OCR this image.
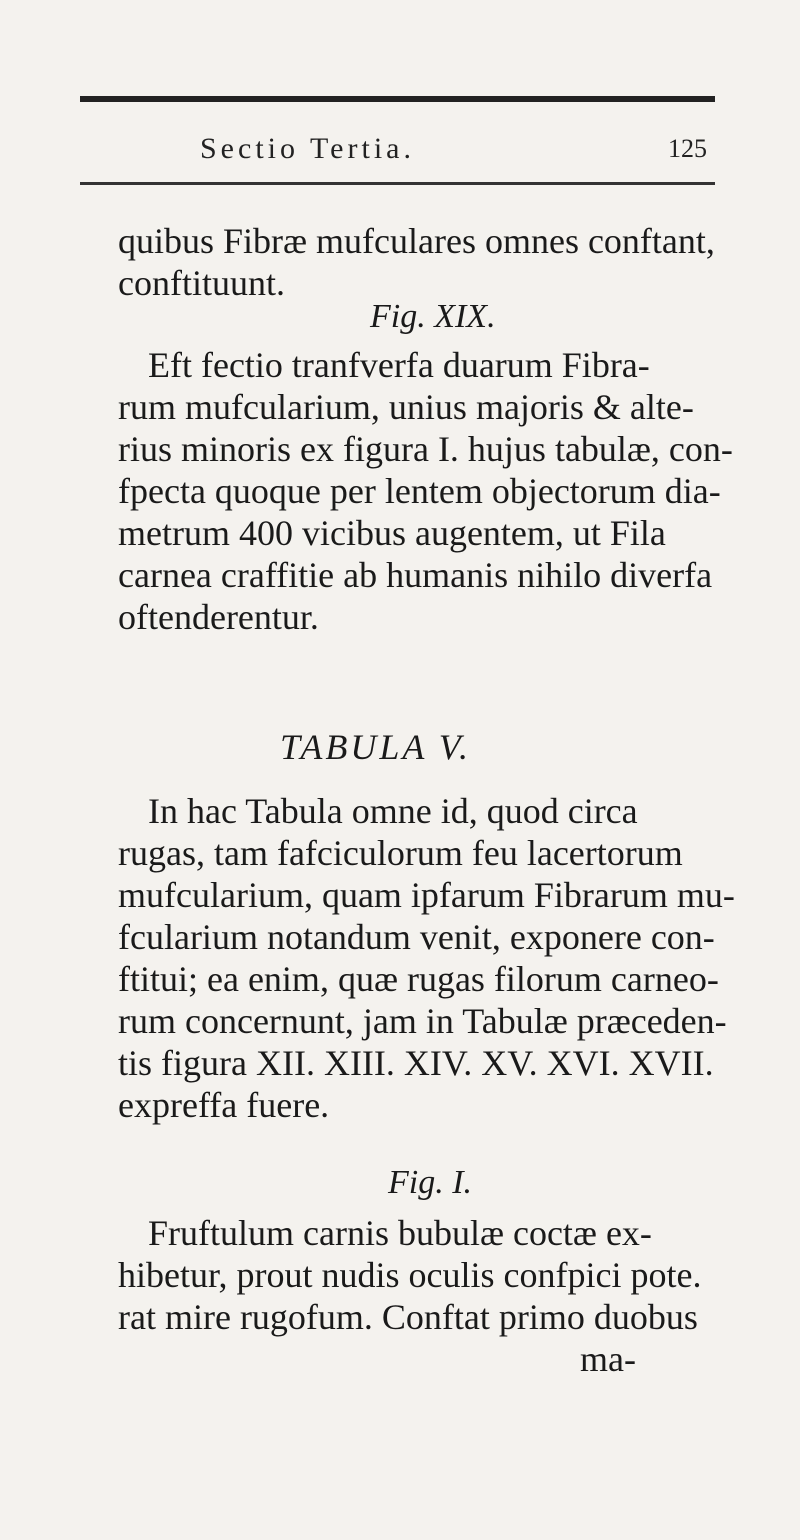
Sectio Tertia.	125
quibus Fibræ mufculares omnes conftant,
conftituunt.
Fig. XIX.
Eft fectio tranfverfa duarum Fibra-
rum mufcularium, unius majoris & alte-
rius minoris ex figura I. hujus tabulæ, con-
fpecta quoque per lentem objectorum dia-
metrum 400 vicibus augentem, ut Fila
carnea craffitie ab humanis nihilo diverfa
oftenderentur.
TABULA V.
In hac Tabula omne id, quod circa
rugas, tam fafciculorum feu lacertorum
mufcularium, quam ipfarum Fibrarum mu-
fcularium notandum venit, exponere con-
ftitui; ea enim, quæ rugas filorum carneo-
rum concernunt, jam in Tabulæ præceden-
tis figura XII. XIII. XIV. XV. XVI. XVII.
expreffa fuere.
Fig. I.
Fruftulum carnis bubulæ coctæ ex-
hibetur, prout nudis oculis confpici pote.
rat mire rugofum. Conftat primo duobus
ma-
